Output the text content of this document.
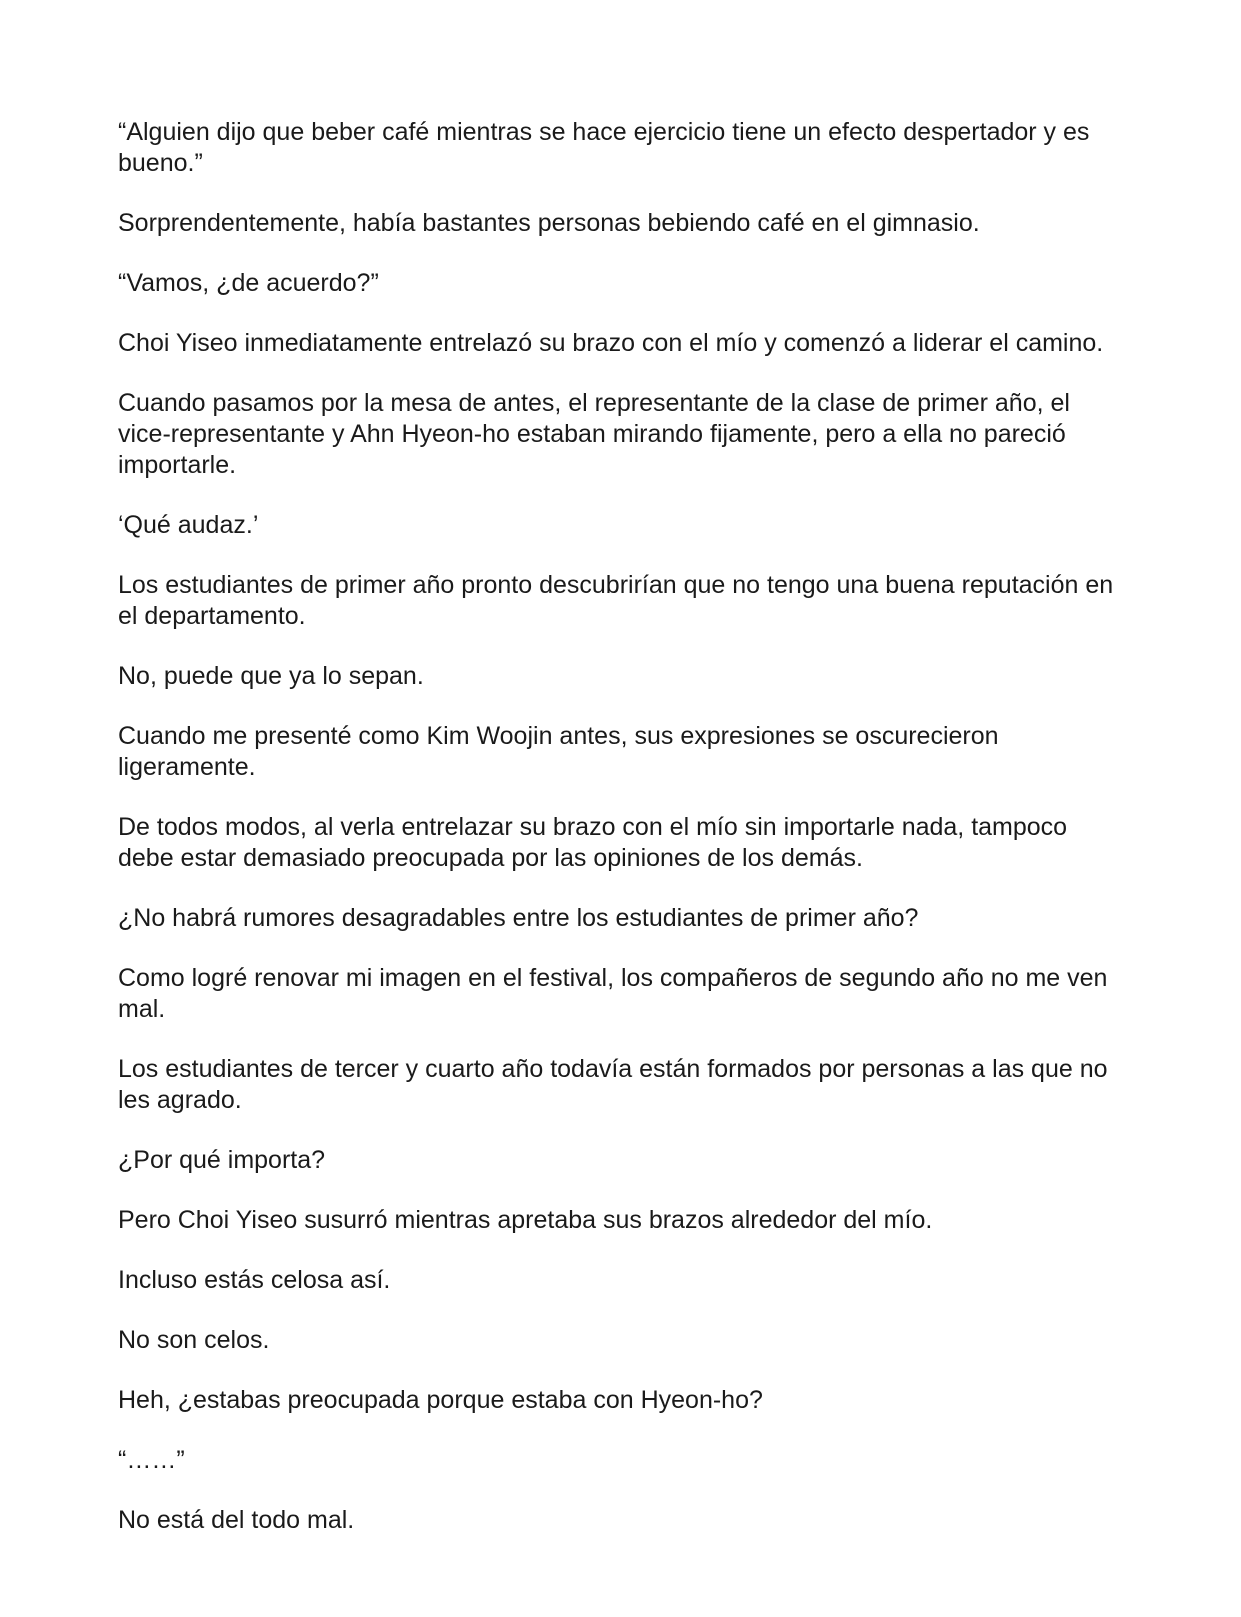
“Alguien dijo que beber café mientras se hace ejercicio tiene un efecto despertador y es bueno.”

Sorprendentemente, había bastantes personas bebiendo café en el gimnasio.

“Vamos, ¿de acuerdo?”

Choi Yiseo inmediatamente entrelazó su brazo con el mío y comenzó a liderar el camino.

Cuando pasamos por la mesa de antes, el representante de la clase de primer año, el vice-representante y Ahn Hyeon-ho estaban mirando fijamente, pero a ella no pareció importarle.

‘Qué audaz.’

Los estudiantes de primer año pronto descubrirían que no tengo una buena reputación en el departamento.

No, puede que ya lo sepan.

Cuando me presenté como Kim Woojin antes, sus expresiones se oscurecieron ligeramente.

De todos modos, al verla entrelazar su brazo con el mío sin importarle nada, tampoco debe estar demasiado preocupada por las opiniones de los demás.

¿No habrá rumores desagradables entre los estudiantes de primer año?

Como logré renovar mi imagen en el festival, los compañeros de segundo año no me ven mal.

Los estudiantes de tercer y cuarto año todavía están formados por personas a las que no les agrado.

¿Por qué importa?

Pero Choi Yiseo susurró mientras apretaba sus brazos alrededor del mío.

Incluso estás celosa así.

No son celos.

Heh, ¿estabas preocupada porque estaba con Hyeon-ho?

“……”

No está del todo mal.
